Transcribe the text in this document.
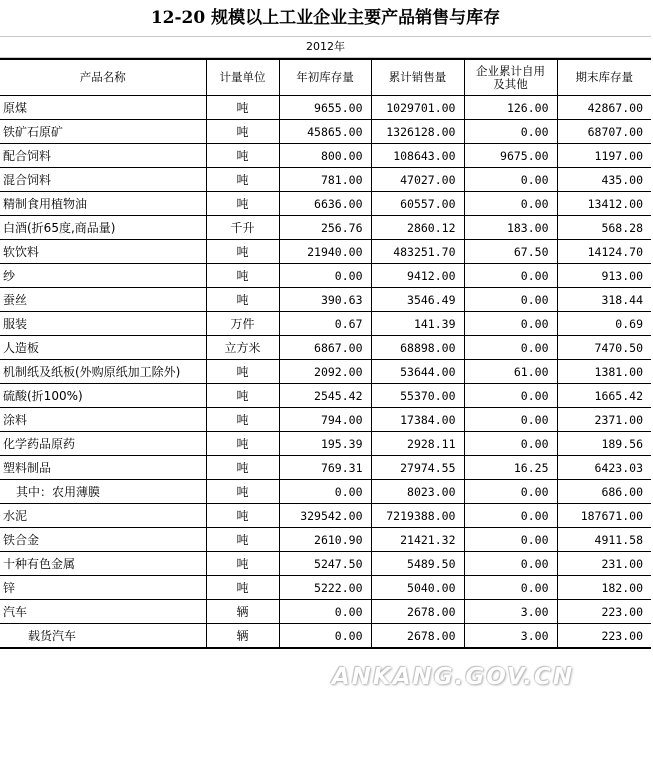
12-20 规模以上工业企业主要产品销售与库存
2012年
产品名称	计量单位	年初库存量	累计销售量	企业累计自用及其他	期末库存量
原煤	吨	9655.00	1029701.00	126.00	42867.00
铁矿石原矿	吨	45865.00	1326128.00	0.00	68707.00
配合饲料	吨	800.00	108643.00	9675.00	1197.00
混合饲料	吨	781.00	47027.00	0.00	435.00
精制食用植物油	吨	6636.00	60557.00	0.00	13412.00
白酒(折65度,商品量)	千升	256.76	2860.12	183.00	568.28
软饮料	吨	21940.00	483251.70	67.50	14124.70
纱	吨	0.00	9412.00	0.00	913.00
蚕丝	吨	390.63	3546.49	0.00	318.44
服装	万件	0.67	141.39	0.00	0.69
人造板	立方米	6867.00	68898.00	0.00	7470.50
机制纸及纸板(外购原纸加工除外)	吨	2092.00	53644.00	61.00	1381.00
硫酸(折100%)	吨	2545.42	55370.00	0.00	1665.42
涂料	吨	794.00	17384.00	0.00	2371.00
化学药品原药	吨	195.39	2928.11	0.00	189.56
塑料制品	吨	769.31	27974.55	16.25	6423.03
其中：农用薄膜	吨	0.00	8023.00	0.00	686.00
水泥	吨	329542.00	7219388.00	0.00	187671.00
铁合金	吨	2610.90	21421.32	0.00	4911.58
十种有色金属	吨	5247.50	5489.50	0.00	231.00
锌	吨	5222.00	5040.00	0.00	182.00
汽车	辆	0.00	2678.00	3.00	223.00
载货汽车	辆	0.00	2678.00	3.00	223.00
ANKANG.GOV.CN
